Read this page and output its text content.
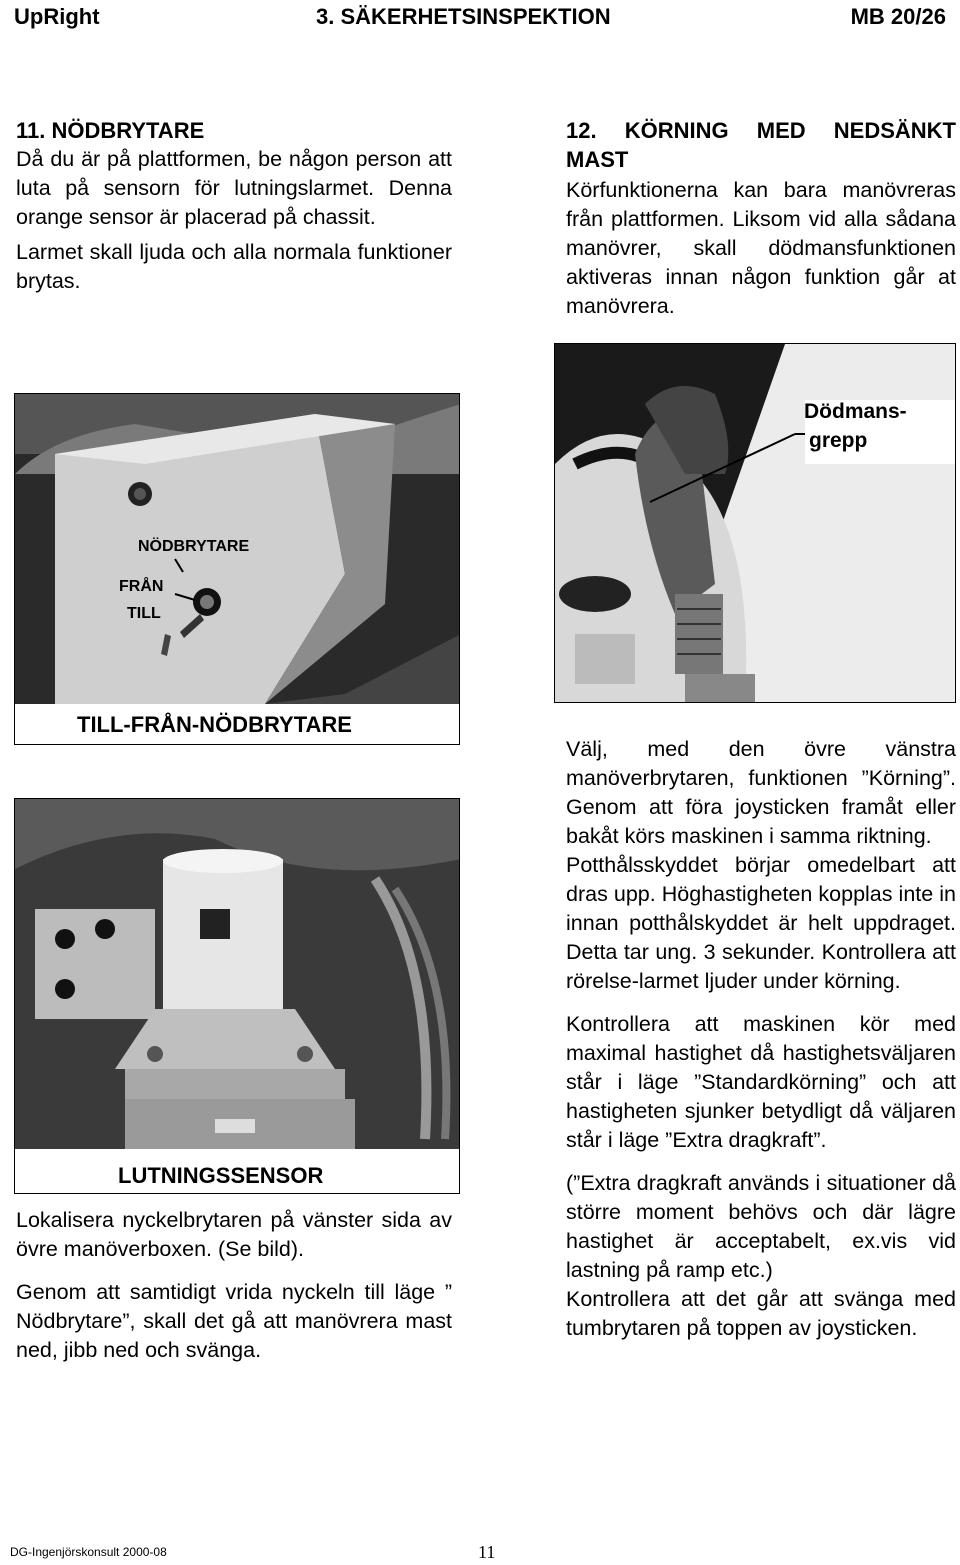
UpRight	3. SÄKERHETSINSPEKTION	MB 20/26
11. NÖDBRYTARE
Då du är på plattformen, be någon person att luta på sensorn för lutningslarmet. Denna orange sensor är placerad på chassit.
Larmet skall ljuda och alla normala funktioner brytas.
12. KÖRNING MED NEDSÄNKT
MAST
Körfunktionerna kan bara manövreras från plattformen. Liksom vid alla sådana manövrer, skall dödmansfunktionen aktiveras innan någon funktion går at manövrera.
NÖDBRYTARE
FRÅN
TILL
TILL-FRÅN-NÖDBRYTARE
LUTNINGSSENSOR
Dödmans-
grepp
Lokalisera nyckelbrytaren på vänster sida av övre manöverboxen. (Se bild).
Genom att samtidigt vrida nyckeln till läge ” Nödbrytare”, skall det gå att manövrera mast ned, jibb ned och svänga.
Välj, med den övre vänstra manöverbrytaren, funktionen ”Körning”. Genom att föra joysticken framåt eller bakåt körs maskinen i samma riktning.
Potthålsskyddet börjar omedelbart att dras upp. Höghastigheten kopplas inte in innan potthålskyddet är helt uppdraget. Detta tar ung. 3 sekunder. Kontrollera att rörelse-larmet ljuder under körning.
Kontrollera att maskinen kör med maximal hastighet då hastighetsväljaren står i läge ”Standardkörning” och att hastigheten sjunker betydligt då väljaren står i läge ”Extra dragkraft”.
(”Extra dragkraft används i situationer då större moment behövs och där lägre hastighet är acceptabelt, ex.vis vid lastning på ramp etc.)
Kontrollera att det går att svänga med tumbrytaren på toppen av joysticken.
DG-Ingenjörskonsult 2000-08	11
